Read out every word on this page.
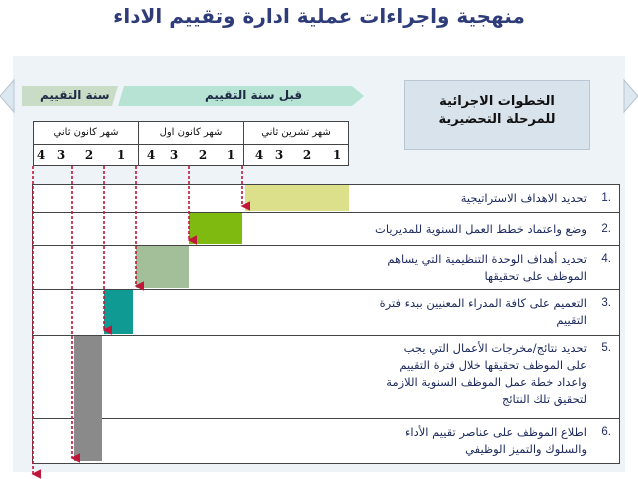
منهجية واجراءات عملية ادارة وتقييم الاداء
سنة التقييم	قبل سنة التقييم	الخطوات الاجرائية
للمرحلة التحضيرية
شهر كانون ثاني	شهر كانون اول	شهر تشرين ثاني
4 3 2 1 4 3 2 1 4 3 2 1
.1
تحديد الاهداف الاستراتيجية
.2
وضع واعتماد خطط العمل السنوية للمديريات
.4
تحديد أهداف الوحدة التنظيمية التي يساهم
الموظف على تحقيقها
.3
التعميم على كافة المدراء المعنيين ببدء فترة
التقييم
.5
تحديد نتائج/مخرجات الأعمال التي يجب
على الموظف تحقيقها خلال فترة التقييم
واعداد خطة عمل الموظف السنوية اللازمة
لتحقيق تلك النتائج
.6
اطلاع الموظف على عناصر تقييم الأداء
والسلوك والتميز الوظيفي
